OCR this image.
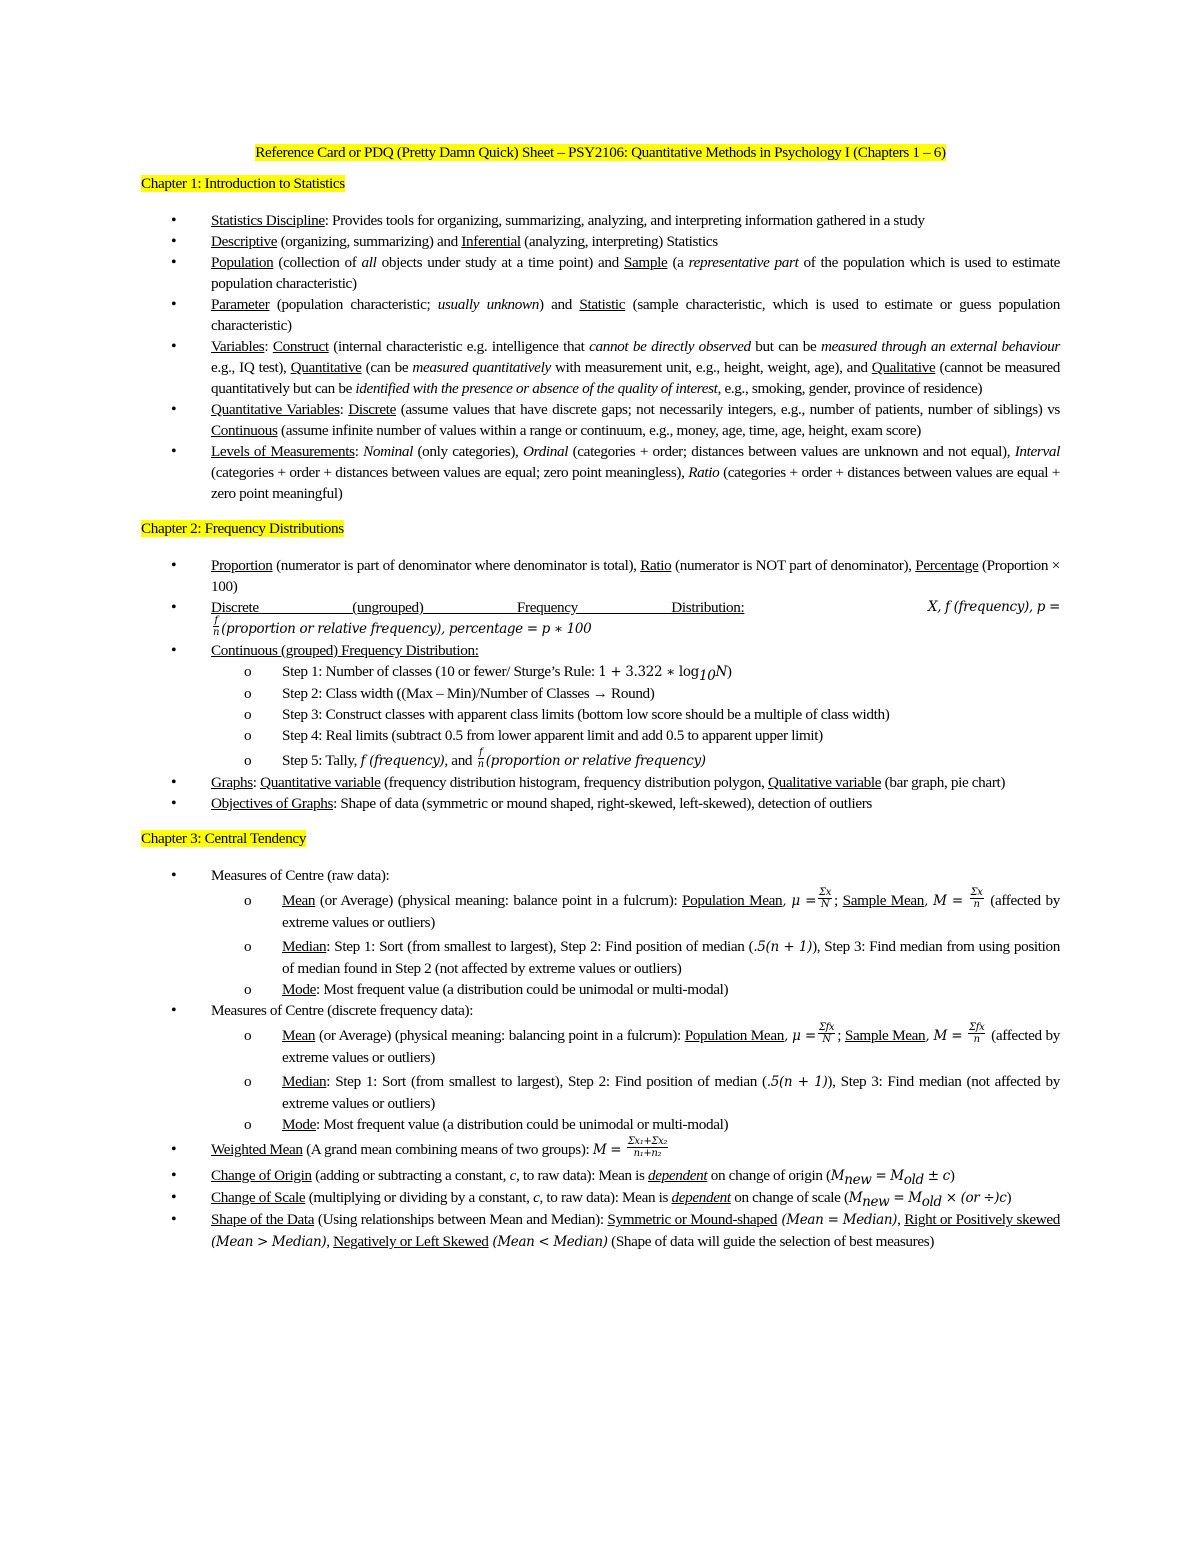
Reference Card or PDQ (Pretty Damn Quick) Sheet – PSY2106: Quantitative Methods in Psychology I (Chapters 1 – 6)
Chapter 1: Introduction to Statistics
• Statistics Discipline: Provides tools for organizing, summarizing, analyzing, and interpreting information gathered in a study
• Descriptive (organizing, summarizing) and Inferential (analyzing, interpreting) Statistics
• Population (collection of all objects under study at a time point) and Sample (a representative part of the population which is used to estimate population characteristic)
• Parameter (population characteristic; usually unknown) and Statistic (sample characteristic, which is used to estimate or guess population characteristic)
• Variables: Construct (internal characteristic e.g. intelligence that cannot be directly observed but can be measured through an external behaviour e.g., IQ test), Quantitative (can be measured quantitatively with measurement unit, e.g., height, weight, age), and Qualitative (cannot be measured quantitatively but can be identified with the presence or absence of the quality of interest, e.g., smoking, gender, province of residence)
• Quantitative Variables: Discrete (assume values that have discrete gaps; not necessarily integers, e.g., number of patients, number of siblings) vs Continuous (assume infinite number of values within a range or continuum, e.g., money, age, time, age, height, exam score)
• Levels of Measurements: Nominal (only categories), Ordinal (categories + order; distances between values are unknown and not equal), Interval (categories + order + distances between values are equal; zero point meaningless), Ratio (categories + order + distances between values are equal + zero point meaningful)
Chapter 2: Frequency Distributions
• Proportion (numerator is part of denominator where denominator is total), Ratio (numerator is NOT part of denominator), Percentage (Proportion × 100)
• Discrete (ungrouped) Frequency Distribution:	X, f (frequency), p =

$\frac{f}{n}$ (proportion or relative frequency), percentage = p ∗ 100
• Continuous (grouped) Frequency Distribution:
o Step 1: Number of classes (10 or fewer/ Sturge’s Rule: 1 + 3.322 ∗ $\log_{10}N$)
o Step 2: Class width ((Max – Min)/Number of Classes → Round)
o Step 3: Construct classes with apparent class limits (bottom low score should be a multiple of class width)
o Step 4: Real limits (subtract 0.5 from lower apparent limit and add 0.5 to apparent upper limit)
o Step 5: Tally, f (frequency), and $\frac{f}{n}$ (proportion or relative frequency)
• Graphs: Quantitative variable (frequency distribution histogram, frequency distribution polygon, Qualitative variable (bar graph, pie chart)
• Objectives of Graphs: Shape of data (symmetric or mound shaped, right-skewed, left-skewed), detection of outliers
Chapter 3: Central Tendency
• Measures of Centre (raw data):
o Mean (or Average) (physical meaning: balance point in a fulcrum): Population Mean, $\mu = \frac{\Sigma x}{N}$ ; Sample Mean, $M = \frac{\Sigma x}{n}$ (affected by extreme values or outliers)
o Median: Step 1: Sort (from smallest to largest), Step 2: Find position of median (.5(n + 1)), Step 3: Find median from using position of median found in Step 2 (not affected by extreme values or outliers)
o Mode: Most frequent value (a distribution could be unimodal or multi-modal)
• Measures of Centre (discrete frequency data):
o Mean (or Average) (physical meaning: balancing point in a fulcrum): Population Mean, $\mu = \frac{\text{Σfx}}{N}$ ; Sample Mean, $M = \frac{\text{Σfx}}{n}$ (affected by extreme values or outliers)
o Median: Step 1: Sort (from smallest to largest), Step 2: Find position of median (.5(n + 1)), Step 3: Find median (not affected by extreme values or outliers)
o Mode: Most frequent value (a distribution could be unimodal or multi-modal)
• Weighted Mean (A grand mean combining means of two groups): $M = \frac{\text{Σx₁+Σx₂}}{\text{n₁+n₂}}$
• Change of Origin (adding or subtracting a constant, c, to raw data): Mean is dependent on change of origin $(M_{new} = M_{old} \pm c)$
• Change of Scale (multiplying or dividing by a constant, c, to raw data): Mean is dependent on change of scale $(M_{new} = M_{old} \times (or \div)c)$
• Shape of the Data (Using relationships between Mean and Median): Symmetric or Mound-shaped (Mean = Median), Right or Positively skewed (Mean > Median), Negatively or Left Skewed (Mean < Median) (Shape of data will guide the selection of best measures)
